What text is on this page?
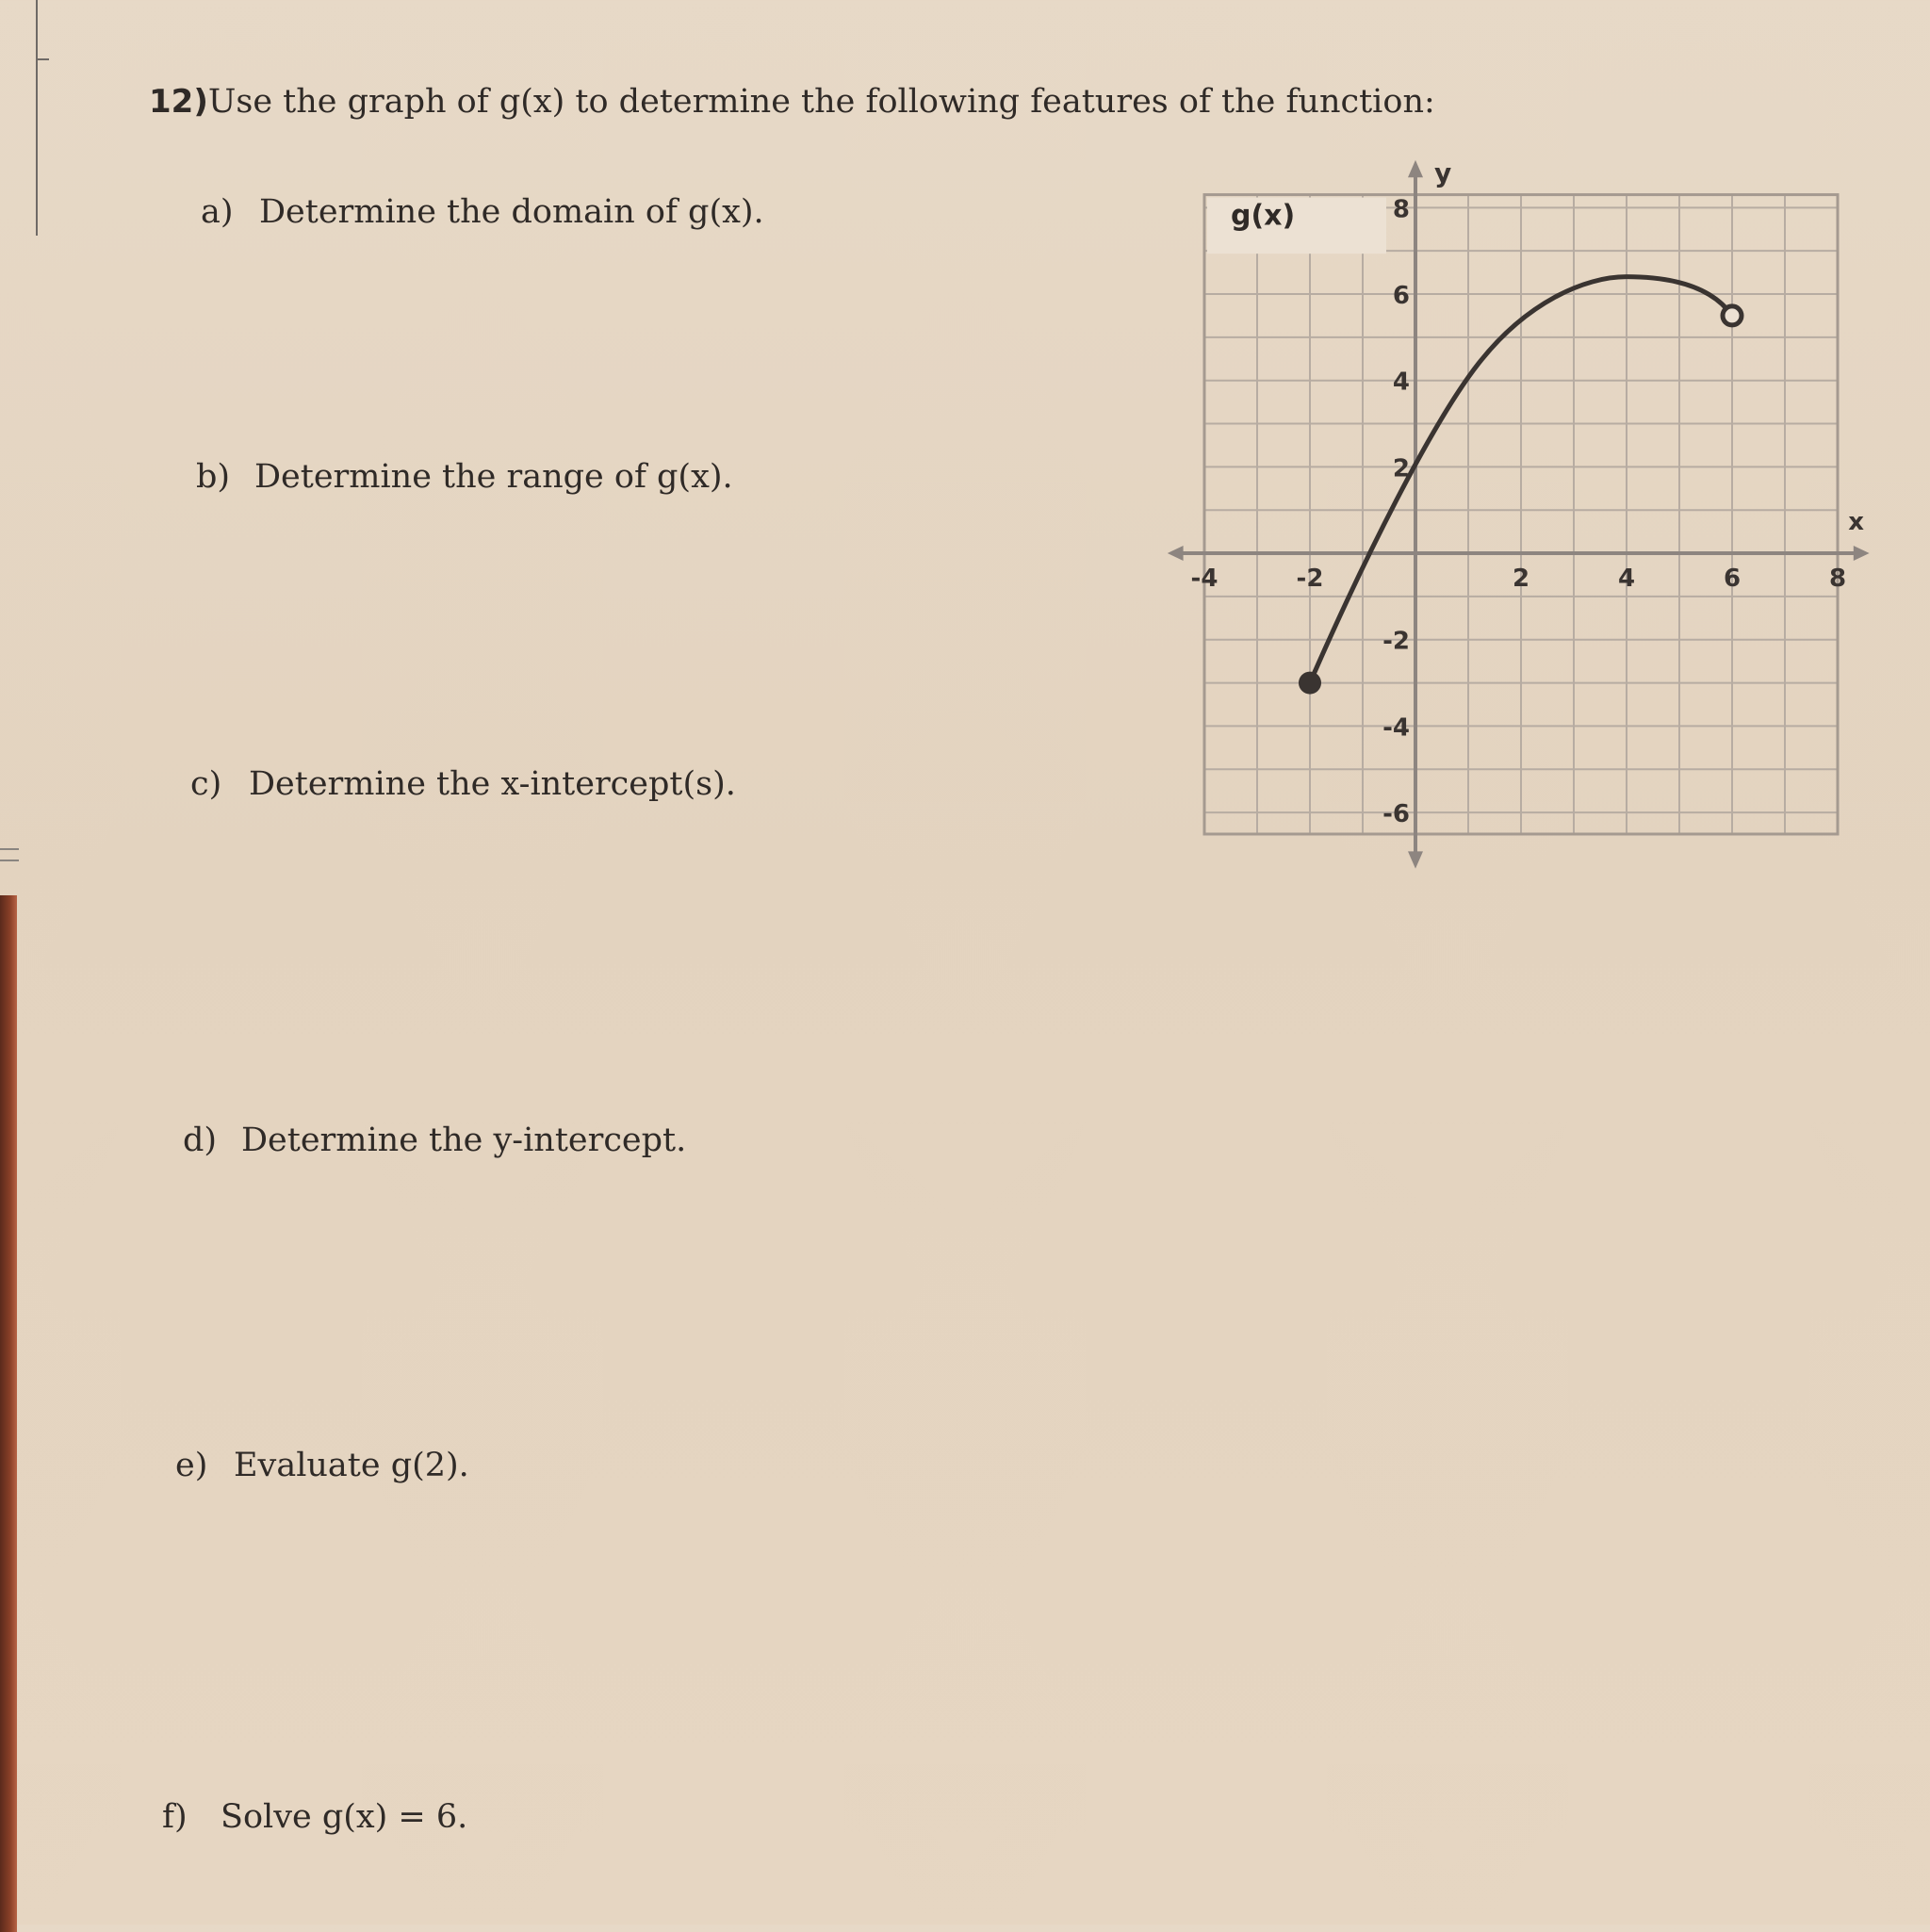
12)Use the graph of g(x) to determine the following features of the function:
a) Determine the domain of g(x).
b) Determine the range of g(x).
c) Determine the x-intercept(s).
d) Determine the y-intercept.
e) Evaluate g(2).
f) Solve g(x) = 6.
-4	-2	2	4	6	8
8
6
4
2
-2
-4
-6
x
y
g(x)
